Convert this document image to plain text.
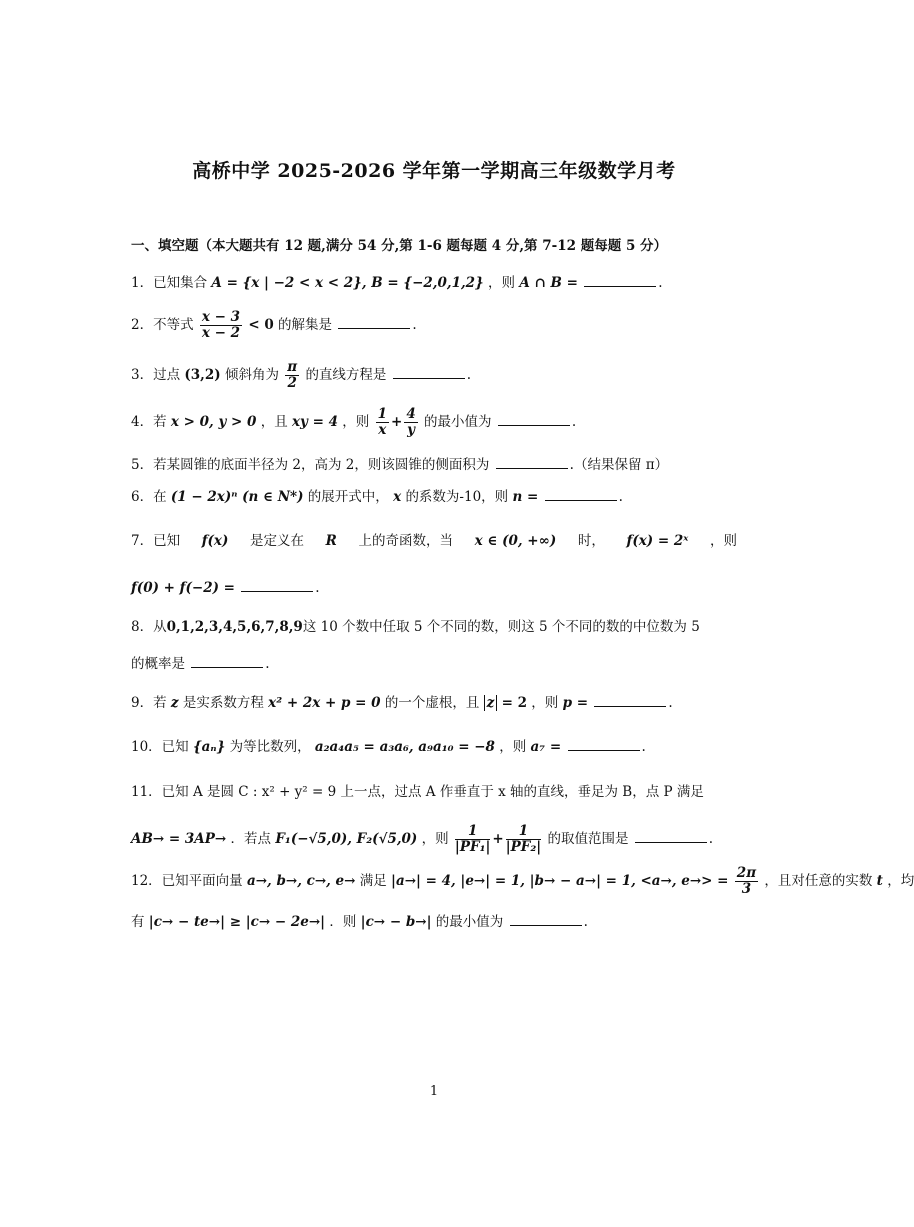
高桥中学 2025-2026 学年第一学期高三年级数学月考
一、填空题（本大题共有 12 题,满分 54 分,第 1-6 题每题 4 分,第 7-12 题每题 5 分）
1．已知集合 A = {x | −2 < x < 2}, B = {−2,0,1,2} ，则 A ∩ B =	.
2．不等式 $\frac{x - 3}{x - 2} < 0$ 的解集是	.
3．过点 (3,2) 倾斜角为 $\frac{\pi}{2}$ 的直线方程是	.
4．若 x > 0, y > 0 ，且 xy = 4 ，则 $\frac{1}{x} + \frac{4}{y}$ 的最小值为	.
5．若某圆锥的底面半径为 2，高为 2，则该圆锥的侧面积为	.（结果保留 π）
6．在 (1 − 2x)ⁿ (n ∈ N*) 的展开式中， x 的系数为-10，则 n =	.
7．已知 f(x) 是定义在 R 上的奇函数，当 x ∈ (0, +∞) 时， f(x) = 2ˣ ，则
f(0) + f(−2) =	.
8．从0,1,2,3,4,5,6,7,8,9这 10 个数中任取 5 个不同的数，则这 5 个不同的数的中位数为 5
的概率是	.
9．若 z 是实系数方程 x² + 2x + p = 0 的一个虚根，且 z = 2 ，则 p =	.
10．已知 {aₙ} 为等比数列， a₂a₄a₅ = a₃a₆, a₉a₁₀ = −8 ，则 a₇ =	.
11．已知 A 是圆 C : x² + y² = 9 上一点，过点 A 作垂直于 x 轴的直线，垂足为 B，点 P 满足
AB→ = 3AP→ ．若点 F₁(−√5,0), F₂(√5,0) ，则 $\frac{1}{\text{|PF₁|}} + \frac{1}{\text{|PF₂|}}$ 的取值范围是	.
12．已知平面向量 a→, b→, c→, e→ 满足 |a→| = 4, |e→| = 1, |b→ − a→| = 1, <a→, $e\to> = \frac{2\pi}{3}$ ，且对任意的实数 t ，均
有 |c→ − te→| ≥ |c→ − 2e→| ．则 |c→ − b→| 的最小值为	.
1
